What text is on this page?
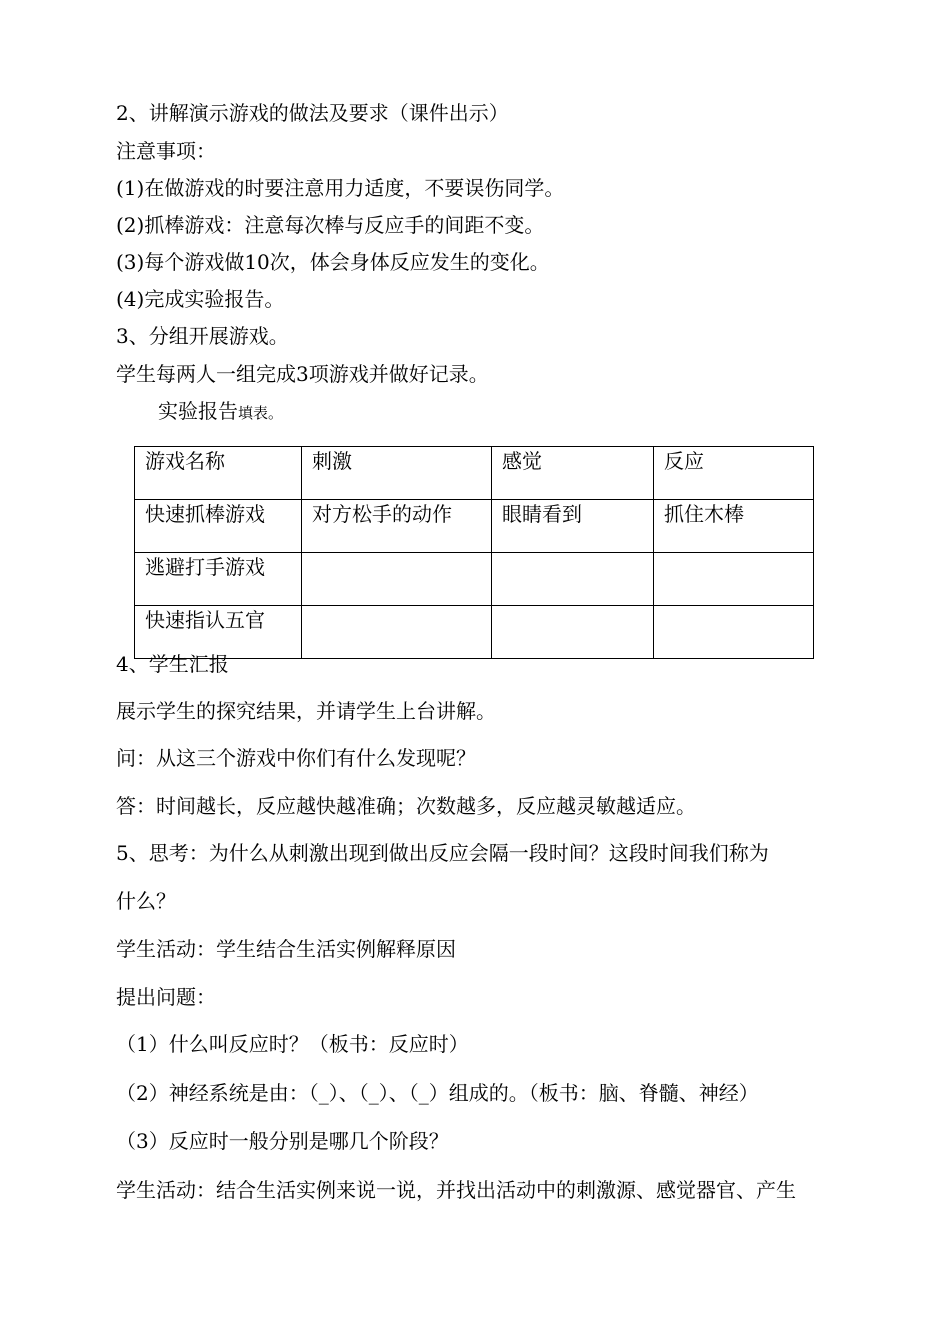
2、讲解演示游戏的做法及要求（课件出示）
注意事项：
(1)在做游戏的时要注意用力适度，不要误伤同学。
(2)抓棒游戏：注意每次棒与反应手的间距不变。
(3)每个游戏做10次，体会身体反应发生的变化。
(4)完成实验报告。
3、分组开展游戏。
学生每两人一组完成3项游戏并做好记录。
实验报告填表。
游戏名称	刺激	感觉	反应
快速抓棒游戏	对方松手的动作	眼睛看到	抓住木棒
逃避打手游戏			
快速指认五官			
4、学生汇报
展示学生的探究结果，并请学生上台讲解。
问：从这三个游戏中你们有什么发现呢？
答：时间越长，反应越快越准确；次数越多，反应越灵敏越适应。
5、思考：为什么从刺激出现到做出反应会隔一段时间？这段时间我们称为
什么？
学生活动：学生结合生活实例解释原因
提出问题：
（1）什么叫反应时？（板书：反应时）
（2）神经系统是由：（_）、（_）、（_）组成的。（板书：脑、脊髓、神经）
（3）反应时一般分别是哪几个阶段？
学生活动：结合生活实例来说一说，并找出活动中的刺激源、感觉器官、产生
